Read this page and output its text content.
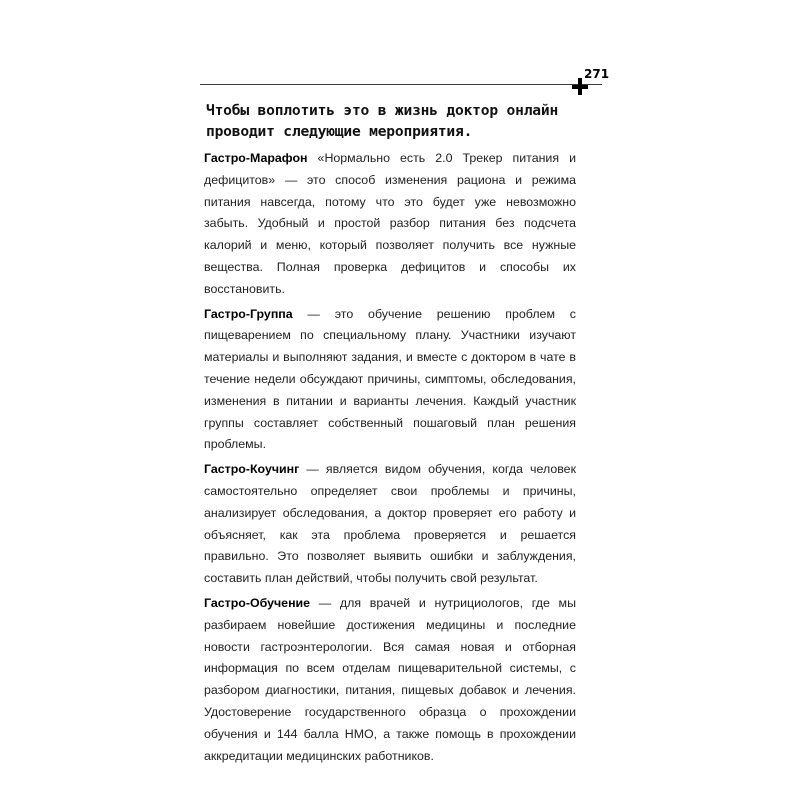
271
Чтобы воплотить это в жизнь доктор онлайн проводит следующие мероприятия.

Гастро-Марафон «Нормально есть 2.0 Трекер питания и дефицитов» — это способ изменения рациона и режима питания навсегда, потому что это будет уже невозможно забыть. Удобный и простой разбор питания без подсчета калорий и меню, который позволяет получить все нужные вещества. Полная проверка дефицитов и способы их восстановить.

Гастро-Группа — это обучение решению проблем с пищеварением по специальному плану. Участники изучают материалы и выполняют задания, и вместе с доктором в чате в течение недели обсуждают причины, симптомы, обследования, изменения в питании и варианты лечения. Каждый участник группы составляет собственный пошаговый план решения проблемы.

Гастро-Коучинг — является видом обучения, когда человек самостоятельно определяет свои проблемы и причины, анализирует обследования, а доктор проверяет его работу и объясняет, как эта проблема проверяется и решается правильно. Это позволяет выявить ошибки и заблуждения, составить план действий, чтобы получить свой результат.

Гастро-Обучение — для врачей и нутрициологов, где мы разбираем новейшие достижения медицины и последние новости гастроэнтерологии. Вся самая новая и отборная информация по всем отделам пищеварительной системы, с разбором диагностики, питания, пищевых добавок и лечения. Удостоверение государственного образца о прохождении обучения и 144 балла НМО, а также помощь в прохождении аккредитации медицинских работников.
